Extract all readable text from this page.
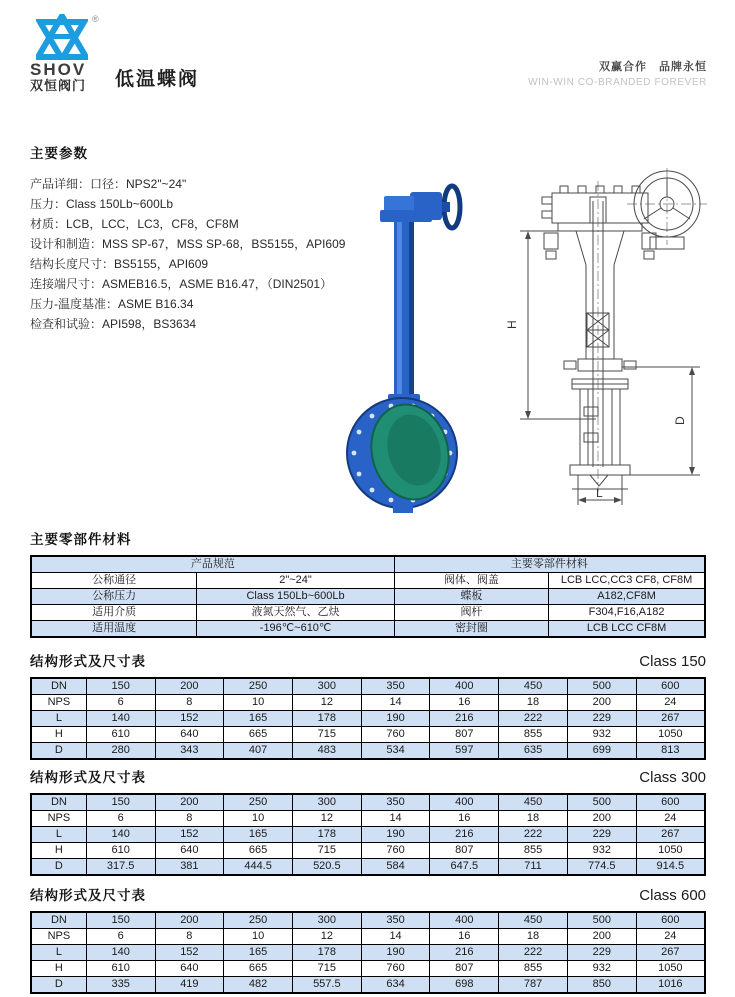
®
SHOV
双恒阀门	低温蝶阀
双赢合作　品牌永恒
WIN-WIN CO-BRANDED FOREVER
主要参数
产品详细：口径：NPS2"~24"
压力：Class 150Lb~600Lb
材质：LCB，LCC，LC3，CF8，CF8M
设计和制造：MSS SP-67，MSS SP-68，BS5155，API609
结构长度尺寸：BS5155，API609
连接端尺寸：ASMEB16.5，ASME B16.47，（DIN2501）
压力-温度基准：ASME B16.34
检查和试验：API598，BS3634	H
D
L
主要零部件材料
产品规范		主要零部件材料	
公称通径	2"~24"	阀体、阀盖	LCB LCC,CC3 CF8, CF8M
公称压力	Class 150Lb~600Lb	蝶板	A182,CF8M
适用介质	液氮天然气、乙炔	阀杆	F304,F16,A182
适用温度	-196℃~610℃	密封圈	LCB LCC CF8M
结构形式及尺寸表	Class 150
DN	150	200	250	300	350	400	450	500	600
NPS	6	8	10	12	14	16	18	200	24
L	140	152	165	178	190	216	222	229	267
H	610	640	665	715	760	807	855	932	1050
D	280	343	407	483	534	597	635	699	813
结构形式及尺寸表	Class 300
DN	150	200	250	300	350	400	450	500	600
NPS	6	8	10	12	14	16	18	200	24
L	140	152	165	178	190	216	222	229	267
H	610	640	665	715	760	807	855	932	1050
D	317.5	381	444.5	520.5	584	647.5	711	774.5	914.5
结构形式及尺寸表	Class 600
DN	150	200	250	300	350	400	450	500	600
NPS	6	8	10	12	14	16	18	200	24
L	140	152	165	178	190	216	222	229	267
H	610	640	665	715	760	807	855	932	1050
D	335	419	482	557.5	634	698	787	850	1016
